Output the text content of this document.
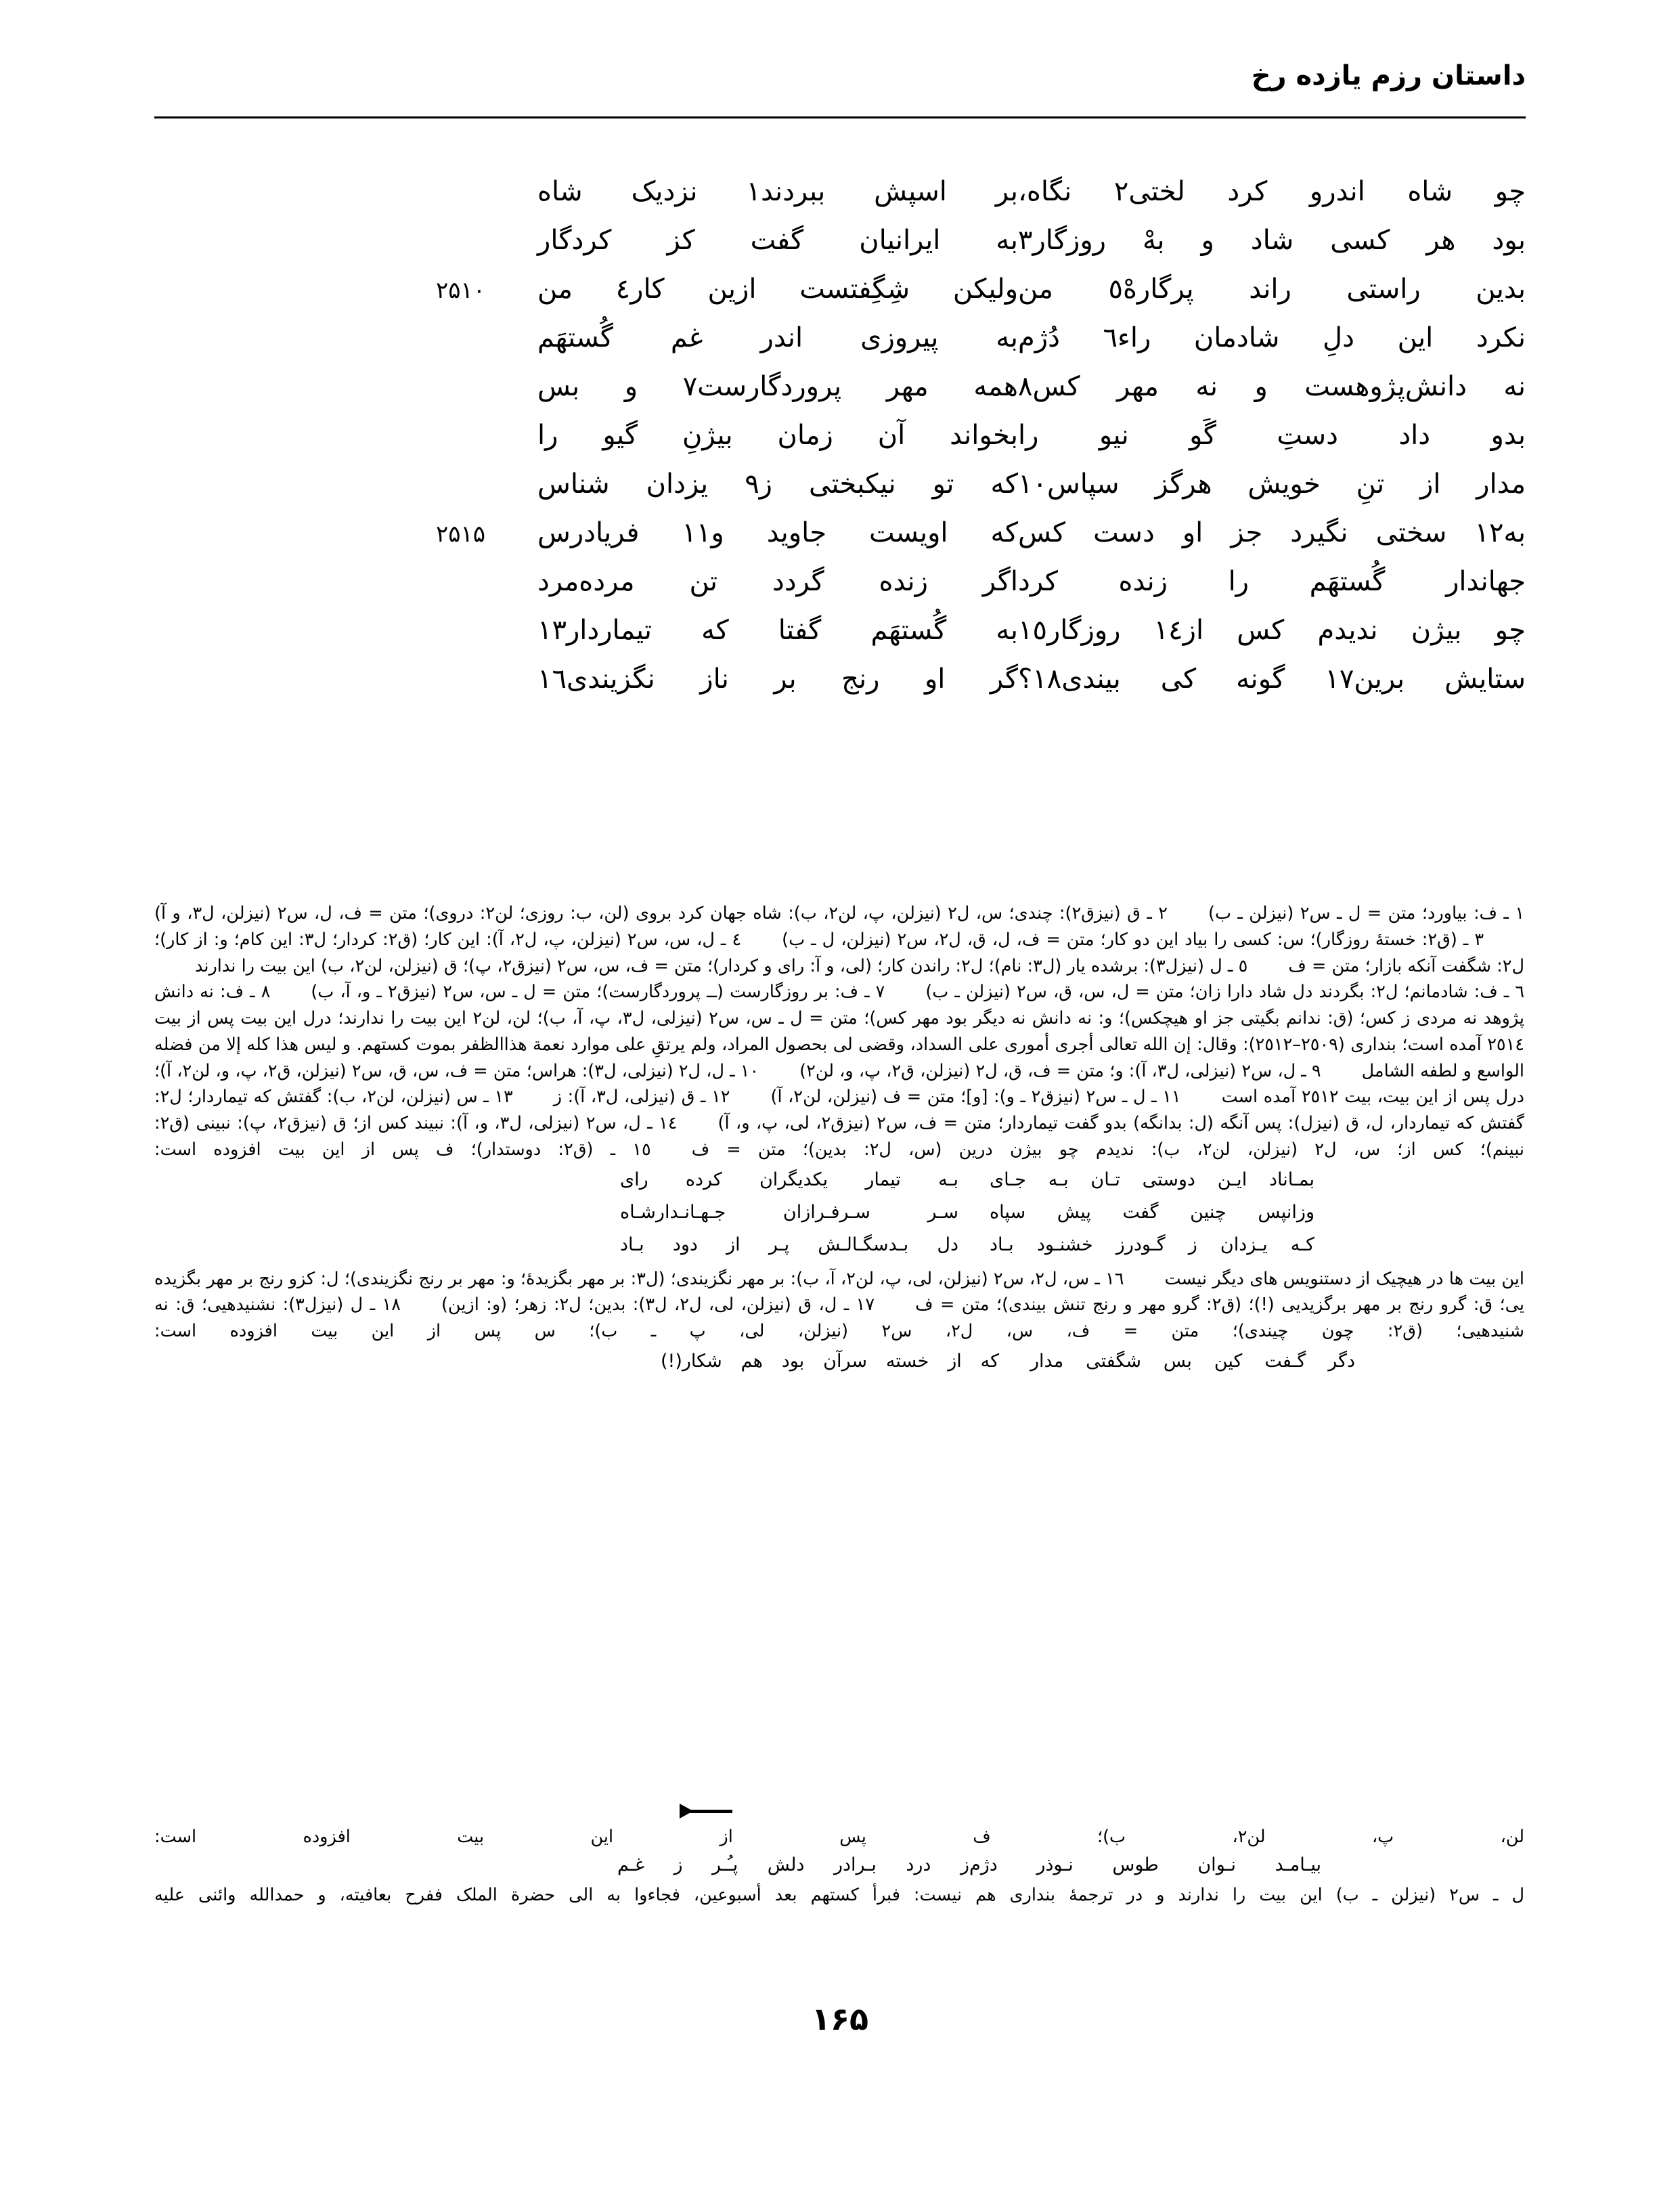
داستان رزم یازده رخ
چو شاه اندرو کرد لختی٢ نگاه،
بر اسپش ببردند١ نزدیک شاه
بود هر کسی شاد و بهْ روزگار٣
به ایرانیان گفت کز کردگار
بدین راستی راند پرگارهْ٥ من
ولیکن شِگِفتست ازین کار٤ من
۲۵۱۰
نکرد این دلِ شادمان راء٦ دُژم
به پیروزی اندر غم گُستهَم
نه دانش‌پژوهست و نه مهر کس٨
همه مهر پروردگارست٧ و بس
بدو داد دستِ گَو نیو را
بخواند آن زمان بیژنِ گیو را
مدار از تنِ خویش هرگز سپاس١٠
که تو نیکبختی ز٩ یزدان شناس
به١٢ سختی نگیرد جز او دست کس
که اویست جاوید و١١ فریادرس
۲۵۱۵
جهاندار گُستهَم را زنده کرد
اگر زنده گردد تن مرده‌مرد
چو بیژن ندیدم کس از١٤ روزگار١٥
به گُستهَم گفتا که تیماردار١٣
ستایش برین١٧ گونه کی بیندی١٨؟
گر او رنج بر ناز نگزیندی١٦

١ ـ ف: بیاورد؛ متن = ل ـ س٢ (نیزلن ـ ب)٢ ـ ق (نیزق٢): چندی؛ س، ل٢ (نیزلن، پ، لن٢، ب): شاه جهان کرد بروی (لن، ب: روزی؛ لن٢: دروی)؛ متن = ف، ل، س٢ (نیزلن، ل٣، و آ)٣ ـ (ق٢: خستۀ روزگار)؛ س: کسی را بیاد این دو کار؛ متن = ف، ل، ق، ل٢، س٢ (نیزلن، ل ـ ب)٤ ـ ل، س، س٢ (نیزلن، پ، ل٢، آ): این کار؛ (ق٢: کردار؛ ل٣: این کام؛ و: از کار)؛ ل٢: شگفت آنکه بازار؛ متن = ف٥ ـ ل (نیزل٣): برشده یار (ل٣: نام)؛ ل٢: راندن کار؛ (لی، و آ: رای و کردار)؛ متن = ف، س، س٢ (نیزق٢، پ)؛ ق (نیزلن، لن٢، ب) این بیت را ندارند٦ ـ ف: شادمانم؛ ل٢: بگردند دل شاد دارا زان؛ متن = ل، س، ق، س٢ (نیزلن ـ ب)٧ ـ ف: بر روزگارست (ــ پروردگارست)؛ متن = ل ـ س، س٢ (نیزق٢ ـ و، آ، ب)٨ ـ ف: نه دانش پژوهد نه مردی ز کس؛ (ق: ندانم بگیتی جز او هیچکس)؛ و: نه دانش نه دیگر بود مهر کس)؛ متن = ل ـ س، س٢ (نیزلی، ل٣، پ، آ، ب)؛ لن، لن٢ این بیت را ندارند؛ درل این بیت پس از بیت ٢٥١٤ آمده است؛ بنداری (٢٥٠٩–٢٥١٢): وقال: إن الله تعالی أجری أموری علی السداد، وقضی لی بحصول المراد، ولم یرتقِ علی موارد نعمة هذاالظفر بموت کستهم. و لیس هذا کله إلا من فضله الواسع و لطفه الشامل٩ ـ ل، س٢ (نیزلی، ل٣، آ): و؛ متن = ف، ق، ل٢ (نیزلن، ق٢، پ، و، لن٢)١٠ ـ ل، ل٢ (نیزلی، ل٣): هراس؛ متن = ف، س، ق، س٢ (نیزلن، ق٢، پ، و، لن٢، آ)؛ درل پس از این بیت، بیت ٢٥١٢ آمده است١١ ـ ل ـ س٢ (نیزق٢ ـ و): [و]؛ متن = ف (نیزلن، لن٢، آ)١٢ ـ ق (نیزلی، ل٣، آ): ز١٣ ـ س (نیزلن، لن٢، ب): گفتش که تیماردار؛ ل٢: گفتش که تیماردار، ل، ق (نیزل): پس آنگه (ل: بدانگه) بدو گفت تیماردار؛ متن = ف، س٢ (نیزق٢، لی، پ، و، آ)١٤ ـ ل، س٢ (نیزلی، ل٣، و، آ): نبیند کس از؛ ق (نیزق٢، پ): نبینی (ق٢: نبینم)؛ کس از؛ س، ل٢ (نیزلن، لن٢، ب): ندیدم چو بیژن درین (س، ل٢: بدین)؛ متن = ف١٥ ـ (ق٢: دوستدار)؛ ف پس از این بیت افزوده است:

بمـاناد ایـن دوستی تـان بـه جـای
بـه تیمار یکدیگران کرده رای
وزانپس چنین گفت پیش سپاه
سـر سـرفـرازان جـهـانـدارشـاه
کـه یـزدان ز گـودرز خشنـود بـاد
دل بـدسگـالـش پـر از دود بـاد

این بیت ها در هیچیک از دستنویس های دیگر نیست١٦ ـ س، ل٢، س٢ (نیزلن، لی، پ، لن٢، آ، ب): بر مهر نگزیندی؛ (ل٣: بر مهر بگزیدۀ؛ و: مهر بر رنج نگزیندی)؛ ل: کزو رنج بر مهر بگزیده یی؛ ق: گرو رنج بر مهر برگزیدیی (!)؛ (ق٢: گرو مهر و رنج تنش بیندی)؛ متن = ف١٧ ـ ل، ق (نیزلن، لی، ل٢، ل٣): بدین؛ ل٢: زهر؛ (و: ازین)١٨ ـ ل (نیزل٣): نشنیدهیی؛ ق: نه شنیدهیی؛ (ق٢: چون چیندی)؛ متن = ف، س، ل٢، س٢ (نیزلن، لی، پ ـ ب)؛ س پس از این بیت افزوده است:

دگر گـفت کین بس شگفتی مدار
که از خسته سرآن بود هم شکار(!)

لن، پ، لن٢، ب)؛ ف پس از این بیت افزوده است:

بیـامـد نـوان طوس نـوذر دژم
ز درد بـرادر دلش پـُـر ز غـم

ل ـ س٢ (نیزلن ـ ب) این بیت را ندارند و در ترجمۀ بنداری هم نیست: فبرأ کستهم بعد أسبوعین، فجاءوا به الی حضرة الملک ففرح بعافیته، و حمدالله وائنی علیه

۱۶۵
